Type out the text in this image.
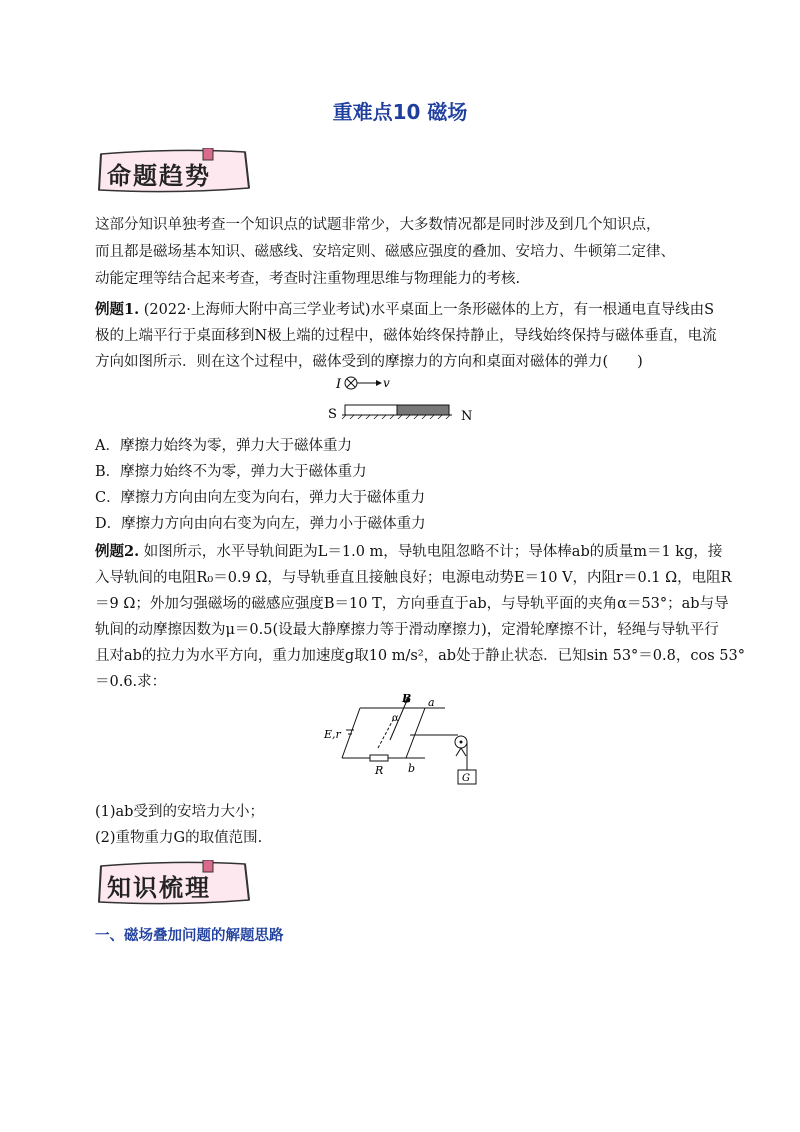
重难点10 磁场
命题趋势
这部分知识单独考查一个知识点的试题非常少，大多数情况都是同时涉及到几个知识点，
而且都是磁场基本知识、磁感线、安培定则、磁感应强度的叠加、安培力、牛顿第二定律、
动能定理等结合起来考查，考查时注重物理思维与物理能力的考核.
例题1. (2022·上海师大附中高三学业考试)水平桌面上一条形磁体的上方，有一根通电直导线由S
极的上端平行于桌面移到N极上端的过程中，磁体始终保持静止，导线始终保持与磁体垂直，电流
方向如图所示．则在这个过程中，磁体受到的摩擦力的方向和桌面对磁体的弹力(　　)
I	v
S	N
A．摩擦力始终为零，弹力大于磁体重力
B．摩擦力始终不为零，弹力大于磁体重力
C．摩擦力方向由向左变为向右，弹力大于磁体重力
D．摩擦力方向由向右变为向左，弹力小于磁体重力
例题2. 如图所示，水平导轨间距为L＝1.0 m，导轨电阻忽略不计；导体棒ab的质量m＝1 kg，接
入导轨间的电阻R₀＝0.9 Ω，与导轨垂直且接触良好；电源电动势E＝10 V，内阻r＝0.1 Ω，电阻R
＝9 Ω；外加匀强磁场的磁感应强度B＝10 T，方向垂直于ab，与导轨平面的夹角α＝53°；ab与导
轨间的动摩擦因数为μ＝0.5(设最大静摩擦力等于滑动摩擦力)，定滑轮摩擦不计，轻绳与导轨平行
且对ab的拉力为水平方向，重力加速度g取10 m/s²，ab处于静止状态．已知sin 53°＝0.8，cos 53°
＝0.6.求：
B
α
a
b
R
E,r
G
(1)ab受到的安培力大小；
(2)重物重力G的取值范围.
知识梳理
一、磁场叠加问题的解题思路
